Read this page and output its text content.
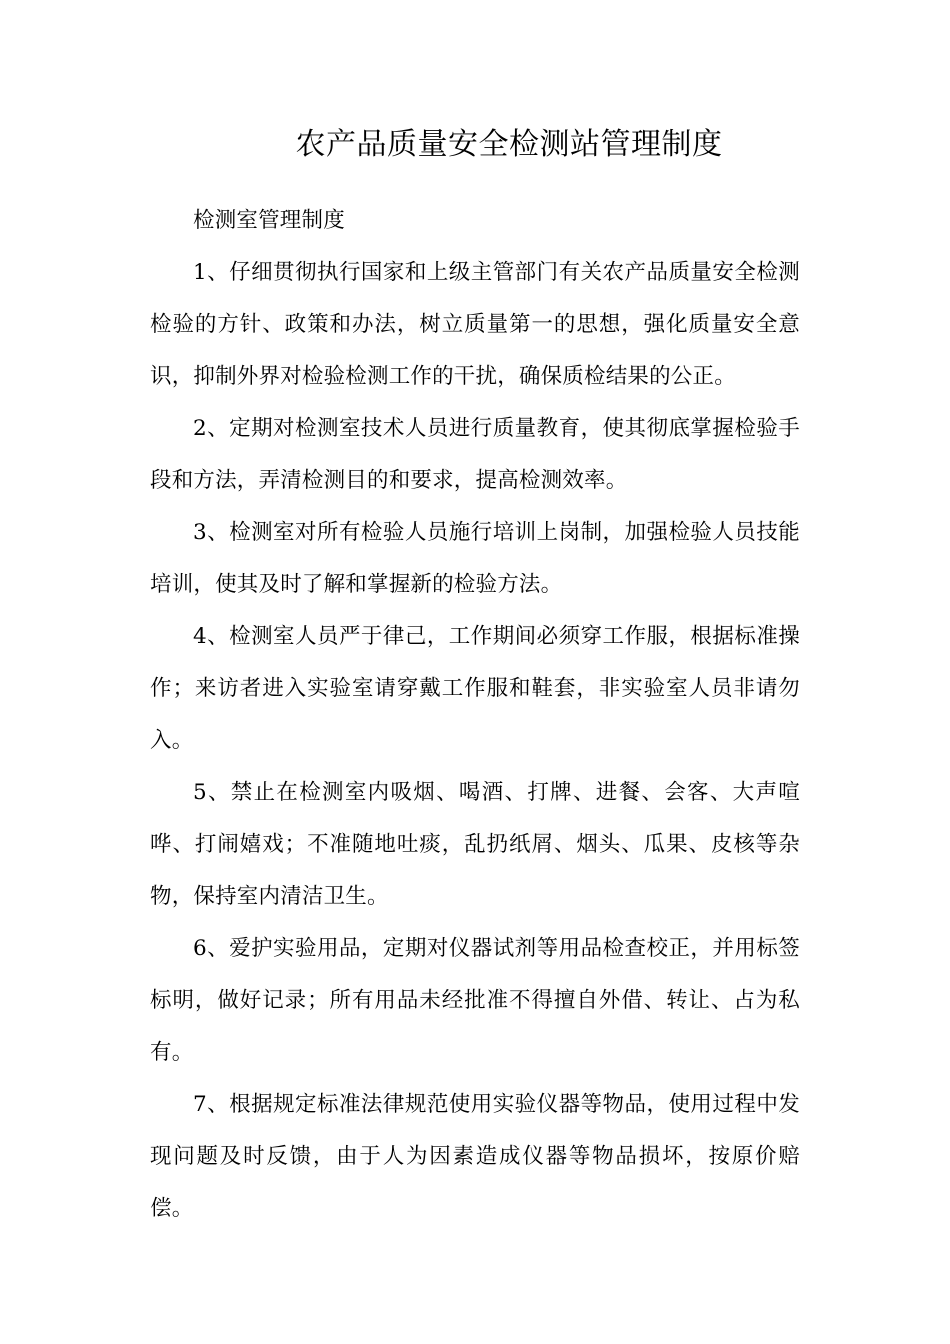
农产品质量安全检测站管理制度

检测室管理制度

1、仔细贯彻执行国家和上级主管部门有关农产品质量安全检测检验的方针、政策和办法，树立质量第一的思想，强化质量安全意识，抑制外界对检验检测工作的干扰，确保质检结果的公正。

2、定期对检测室技术人员进行质量教育，使其彻底掌握检验手段和方法，弄清检测目的和要求，提高检测效率。

3、检测室对所有检验人员施行培训上岗制，加强检验人员技能培训，使其及时了解和掌握新的检验方法。

4、检测室人员严于律己，工作期间必须穿工作服，根据标准操作；来访者进入实验室请穿戴工作服和鞋套，非实验室人员非请勿入。

5、禁止在检测室内吸烟、喝酒、打牌、进餐、会客、大声喧哗、打闹嬉戏；不准随地吐痰，乱扔纸屑、烟头、瓜果、皮核等杂物，保持室内清洁卫生。

6、爱护实验用品，定期对仪器试剂等用品检查校正，并用标签标明，做好记录；所有用品未经批准不得擅自外借、转让、占为私有。

7、根据规定标准法律规范使用实验仪器等物品，使用过程中发现问题及时反馈，由于人为因素造成仪器等物品损坏，按原价赔偿。
